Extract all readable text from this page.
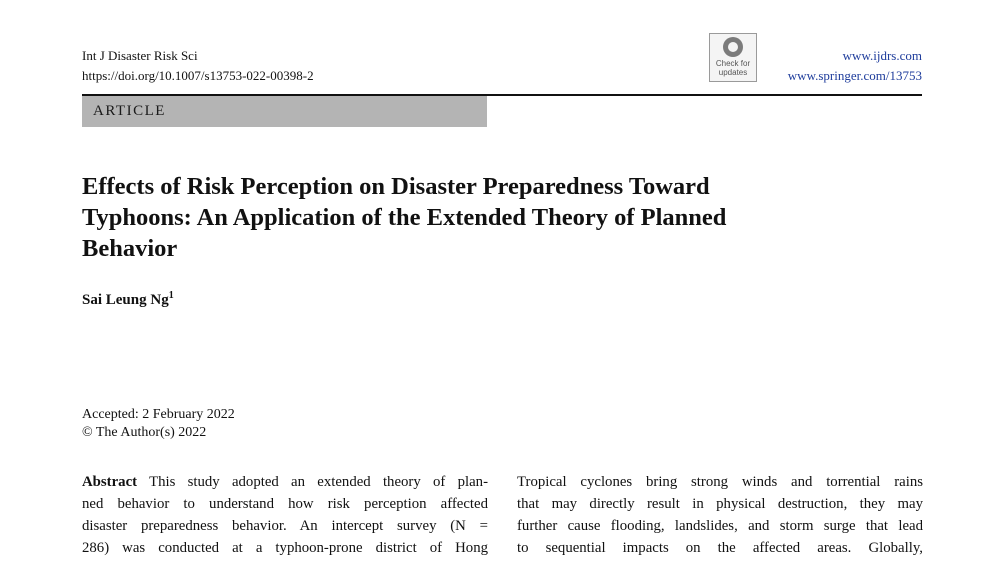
Int J Disaster Risk Sci
https://doi.org/10.1007/s13753-022-00398-2
Check for
updates
www.ijdrs.com
www.springer.com/13753
ARTICLE
Effects of Risk Perception on Disaster Preparedness Toward
Typhoons: An Application of the Extended Theory of Planned
Behavior
Sai Leung Ng$^1$
Accepted: 2 February 2022
© The Author(s) 2022
Abstract This study adopted an extended theory of plan-
ned behavior to understand how risk perception affected
disaster preparedness behavior. An intercept survey (N =
286) was conducted at a typhoon-prone district of Hong
Tropical cyclones bring strong winds and torrential rains
that may directly result in physical destruction, they may
further cause flooding, landslides, and storm surge that lead
to sequential impacts on the affected areas. Globally,
